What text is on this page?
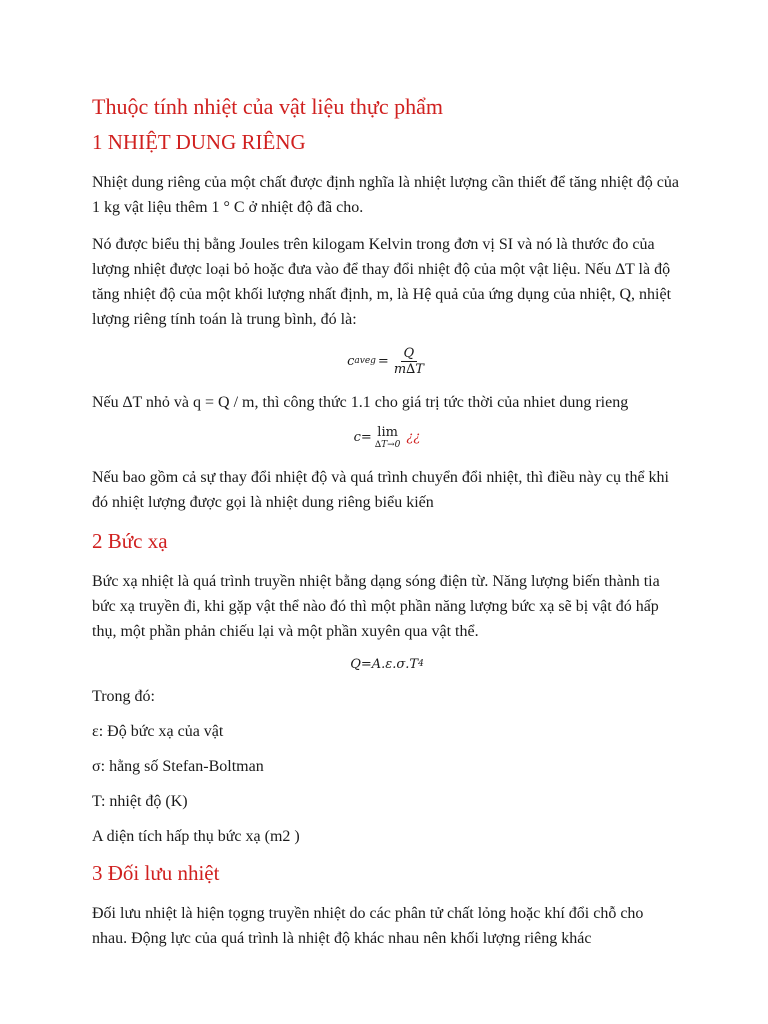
Thuộc tính nhiệt của vật liệu thực phẩm
1 NHIỆT DUNG RIÊNG

Nhiệt dung riêng của một chất được định nghĩa là nhiệt lượng cần thiết để tăng nhiệt độ của 1 kg vật liệu thêm 1 ° C ở nhiệt độ đã cho.

Nó được biểu thị bằng Joules trên kilogam Kelvin trong đơn vị SI và nó là thước đo của lượng nhiệt được loại bỏ hoặc đưa vào để thay đổi nhiệt độ của một vật liệu. Nếu ∆T là độ tăng nhiệt độ của một khối lượng nhất định, m, là Hệ quả của ứng dụng của nhiệt, Q, nhiệt lượng riêng tính toán là trung bình, đó là:

c aveg = $\frac{Q}{m\Delta T}$

Nếu ∆T nhỏ và q = Q / m, thì công thức 1.1 cho giá trị tức thời của nhiet dung rieng

c= lim
∆T→0 ¿¿

Nếu bao gồm cả sự thay đổi nhiệt độ và quá trình chuyển đổi nhiệt, thì điều này cụ thể khi đó nhiệt lượng được gọi là nhiệt dung riêng biểu kiến

2 Bức xạ

Bức xạ nhiệt là quá trình truyền nhiệt bằng dạng sóng điện từ. Năng lượng biến thành tia bức xạ truyền đi, khi gặp vật thể nào đó thì một phần năng lượng bức xạ sẽ bị vật đó hấp thụ, một phần phản chiếu lại và một phần xuyên qua vật thể.

Q=A.ε.σ.T 4

Trong đó:

ε: Độ bức xạ của vật

σ: hằng số Stefan-Boltman

T: nhiệt độ (K)

A diện tích hấp thụ bức xạ (m2 )

3 Đối lưu nhiệt

Đối lưu nhiệt là hiện tọgng truyền nhiệt do các phân tử chất lỏng hoặc khí đổi chỗ cho nhau. Động lực của quá trình là nhiệt độ khác nhau nên khối lượng riêng khác
